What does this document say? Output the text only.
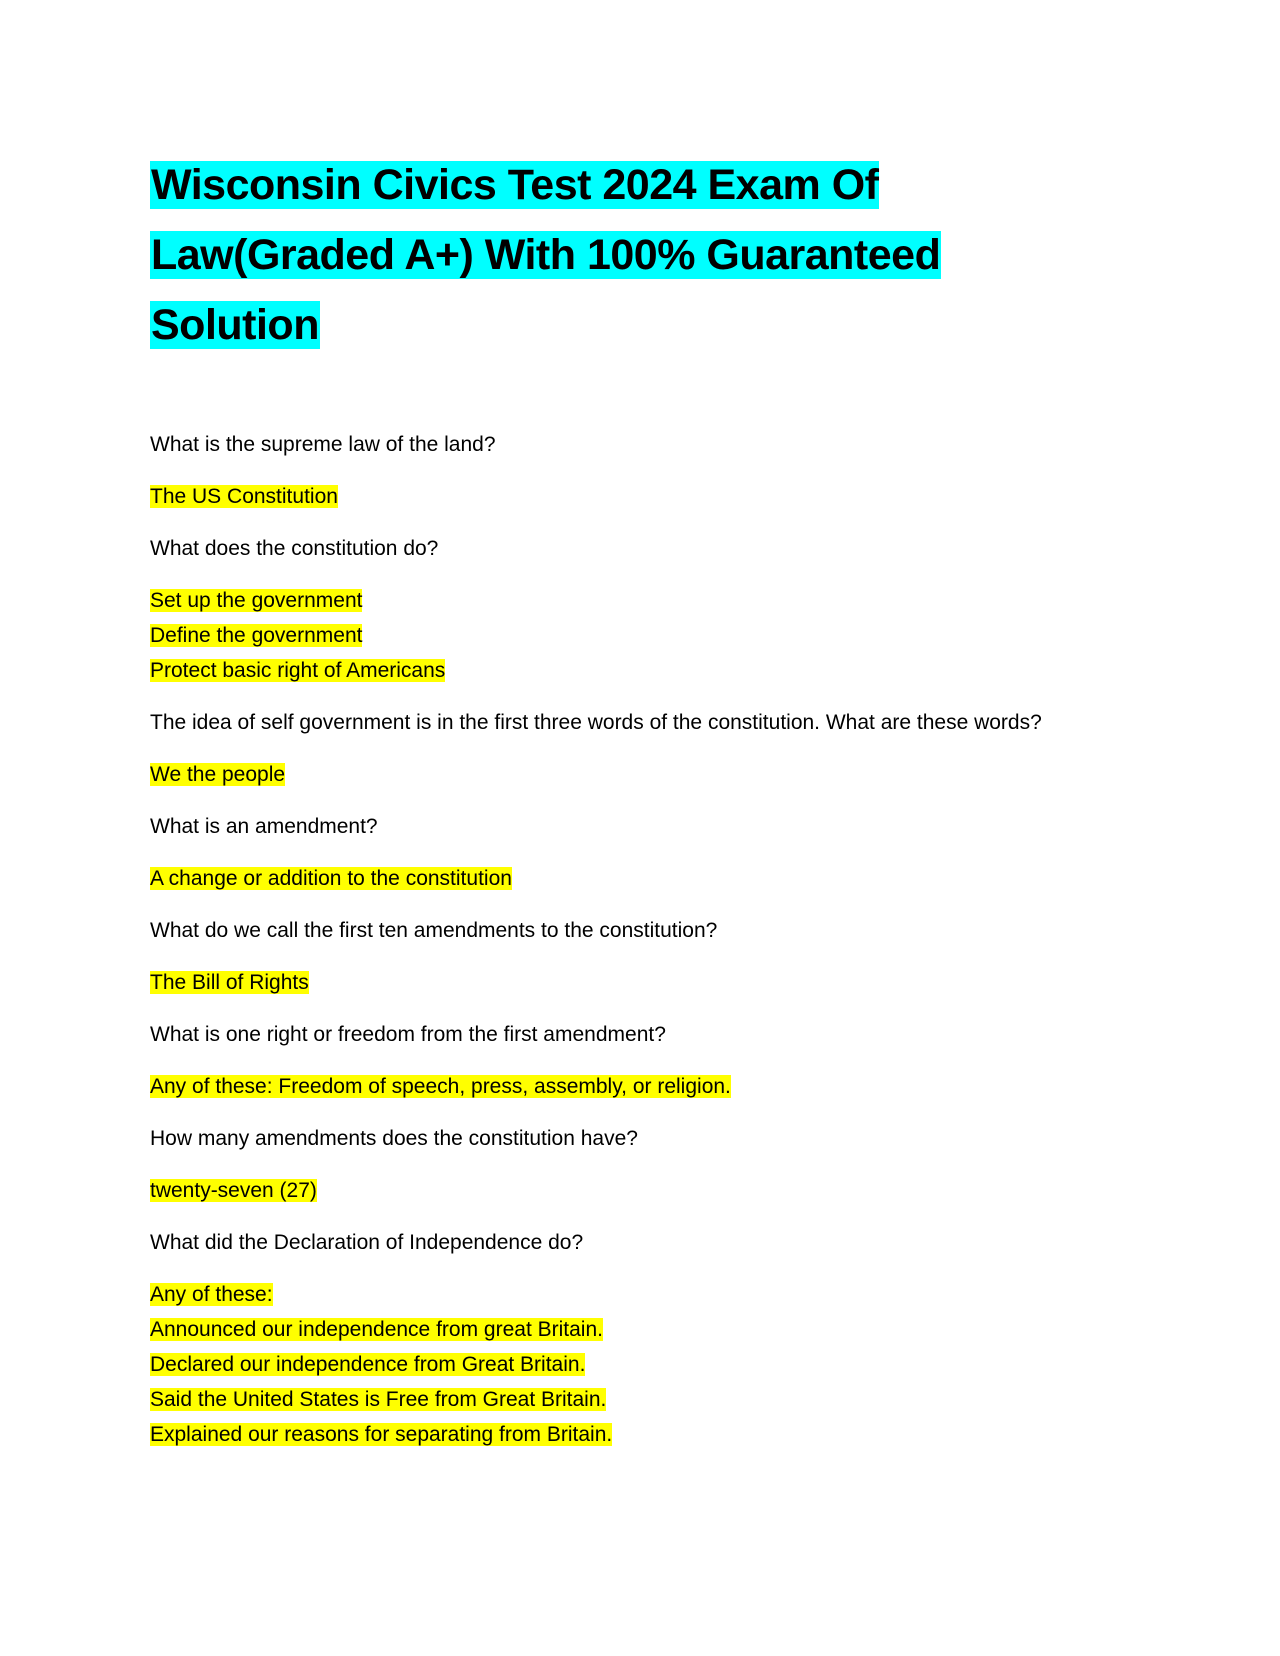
Wisconsin Civics Test 2024 Exam Of
Law(Graded A+) With 100% Guaranteed
Solution

What is the supreme law of the land?

The US Constitution

What does the constitution do?

Set up the government
Define the government
Protect basic right of Americans

The idea of self government is in the first three words of the constitution. What are these words?

We the people

What is an amendment?

A change or addition to the constitution

What do we call the first ten amendments to the constitution?

The Bill of Rights

What is one right or freedom from the first amendment?

Any of these: Freedom of speech, press, assembly, or religion.

How many amendments does the constitution have?

twenty-seven (27)

What did the Declaration of Independence do?

Any of these:
Announced our independence from great Britain.
Declared our independence from Great Britain.
Said the United States is Free from Great Britain.
Explained our reasons for separating from Britain.
